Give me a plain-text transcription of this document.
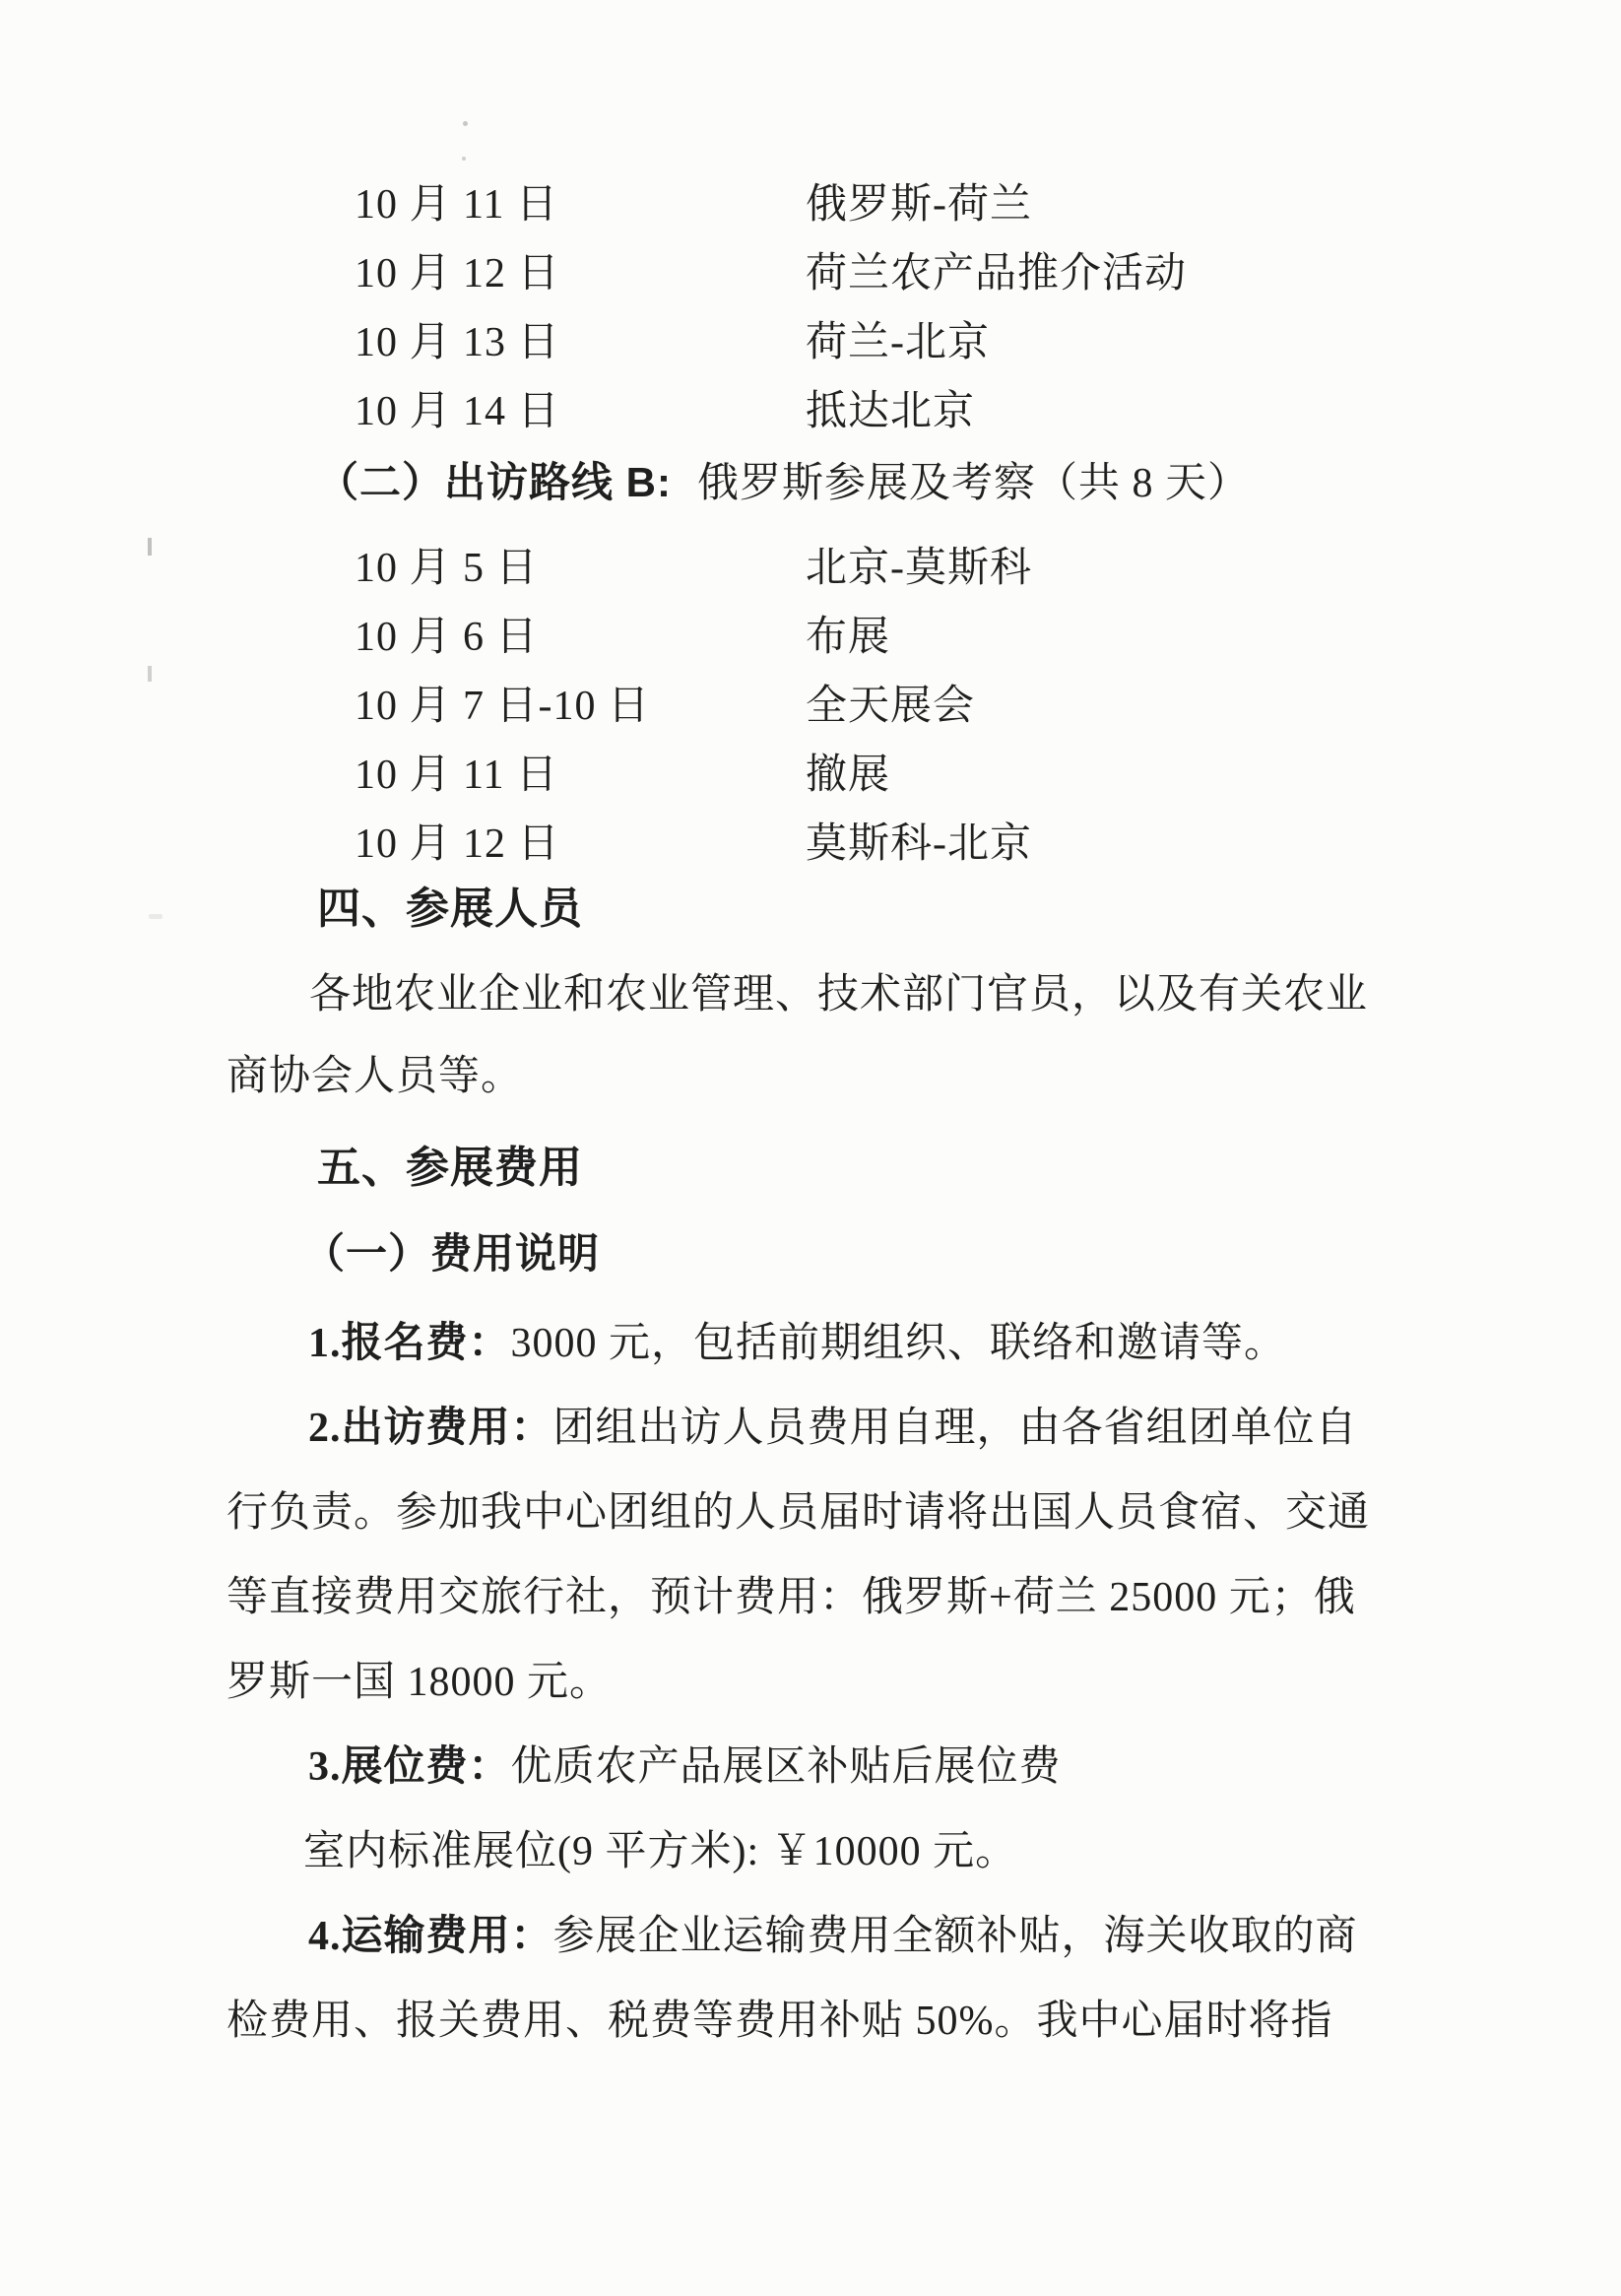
10 月 11 日	俄罗斯-荷兰
10 月 12 日	荷兰农产品推介活动
10 月 13 日	荷兰-北京
10 月 14 日	抵达北京
（二）出访路线 B: 俄罗斯参展及考察（共 8 天）
10 月 5 日	北京-莫斯科
10 月 6 日	布展
10 月 7 日-10 日	全天展会
10 月 11 日	撤展
10 月 12 日	莫斯科-北京
四、参展人员
各地农业企业和农业管理、技术部门官员，以及有关农业
商协会人员等。
五、参展费用
（一）费用说明
1.报名费：3000 元，包括前期组织、联络和邀请等。
2.出访费用：团组出访人员费用自理，由各省组团单位自
行负责。参加我中心团组的人员届时请将出国人员食宿、交通
等直接费用交旅行社，预计费用：俄罗斯+荷兰 25000 元；俄
罗斯一国 18000 元。
3.展位费：优质农产品展区补贴后展位费
室内标准展位(9 平方米): ￥10000 元。
4.运输费用：参展企业运输费用全额补贴，海关收取的商
检费用、报关费用、税费等费用补贴 50%。我中心届时将指
